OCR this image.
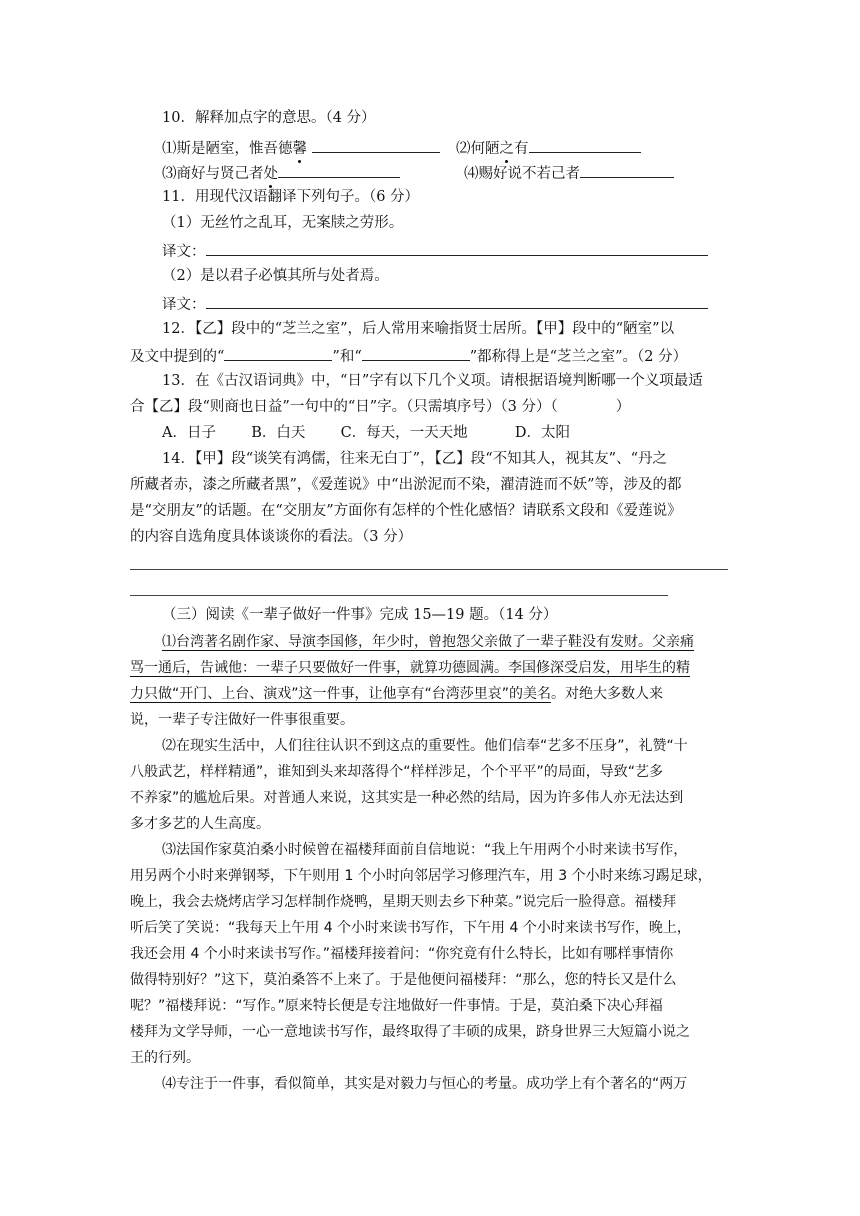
10．解释加点字的意思。（4 分）
⑴斯是陋室，惟吾德馨	⑵何陋之有
⑶商好与贤己者处	⑷赐好说不若己者
11．用现代汉语翻译下列句子。（6 分）
（1）无丝竹之乱耳，无案牍之劳形。
译文：
（2）是以君子必慎其所与处者焉。
译文：
12．【乙】段中的“芝兰之室”，后人常用来喻指贤士居所。【甲】段中的“陋室”以
及文中提到的“	”和“	”都称得上是“芝兰之室”。（2 分）
13．在《古汉语词典》中，“日”字有以下几个义项。请根据语境判断哪一个义项最适
合【乙】段“则商也日益”一句中的“日”字。（只需填序号）（3 分）（　　　　）
A．日子 B．白天 C．每天，一天天地	D．太阳
14．【甲】段“谈笑有鸿儒，往来无白丁”，【乙】段“不知其人，视其友”、“丹之
所藏者赤，漆之所藏者黑”，《爱莲说》中“出淤泥而不染，濯清涟而不妖”等，涉及的都
是“交朋友”的话题。在“交朋友”方面你有怎样的个性化感悟？请联系文段和《爱莲说》
的内容自选角度具体谈谈你的看法。（3 分）
（三）阅读《一辈子做好一件事》完成 15—19 题。（14 分）
⑴台湾著名剧作家、导演李国修，年少时，曾抱怨父亲做了一辈子鞋没有发财。父亲痛
骂一通后，告诫他：一辈子只要做好一件事，就算功德圆满。李国修深受启发，用毕生的精
力只做“开门、上台、演戏”这一件事，让他享有“台湾莎里哀”的美名。对绝大多数人来
说，一辈子专注做好一件事很重要。
⑵在现实生活中，人们往往认识不到这点的重要性。他们信奉“艺多不压身”，礼赞“十
八般武艺，样样精通”，谁知到头来却落得个“样样涉足，个个平平”的局面，导致“艺多
不养家”的尴尬后果。对普通人来说，这其实是一种必然的结局，因为许多伟人亦无法达到
多才多艺的人生高度。
⑶法国作家莫泊桑小时候曾在福楼拜面前自信地说：“我上午用两个小时来读书写作，
用另两个小时来弹钢琴，下午则用 1 个小时向邻居学习修理汽车，用 3 个小时来练习踢足球，
晚上，我会去烧烤店学习怎样制作烧鸭，星期天则去乡下种菜。”说完后一脸得意。福楼拜
听后笑了笑说：“我每天上午用 4 个小时来读书写作，下午用 4 个小时来读书写作，晚上，
我还会用 4 个小时来读书写作。”福楼拜接着问：“你究竟有什么特长，比如有哪样事情你
做得特别好？”这下，莫泊桑答不上来了。于是他便问福楼拜：“那么，您的特长又是什么
呢？”福楼拜说：“写作。”原来特长便是专注地做好一件事情。于是，莫泊桑下决心拜福
楼拜为文学导师，一心一意地读书写作，最终取得了丰硕的成果，跻身世界三大短篇小说之
王的行列。
⑷专注于一件事，看似简单，其实是对毅力与恒心的考量。成功学上有个著名的“两万
